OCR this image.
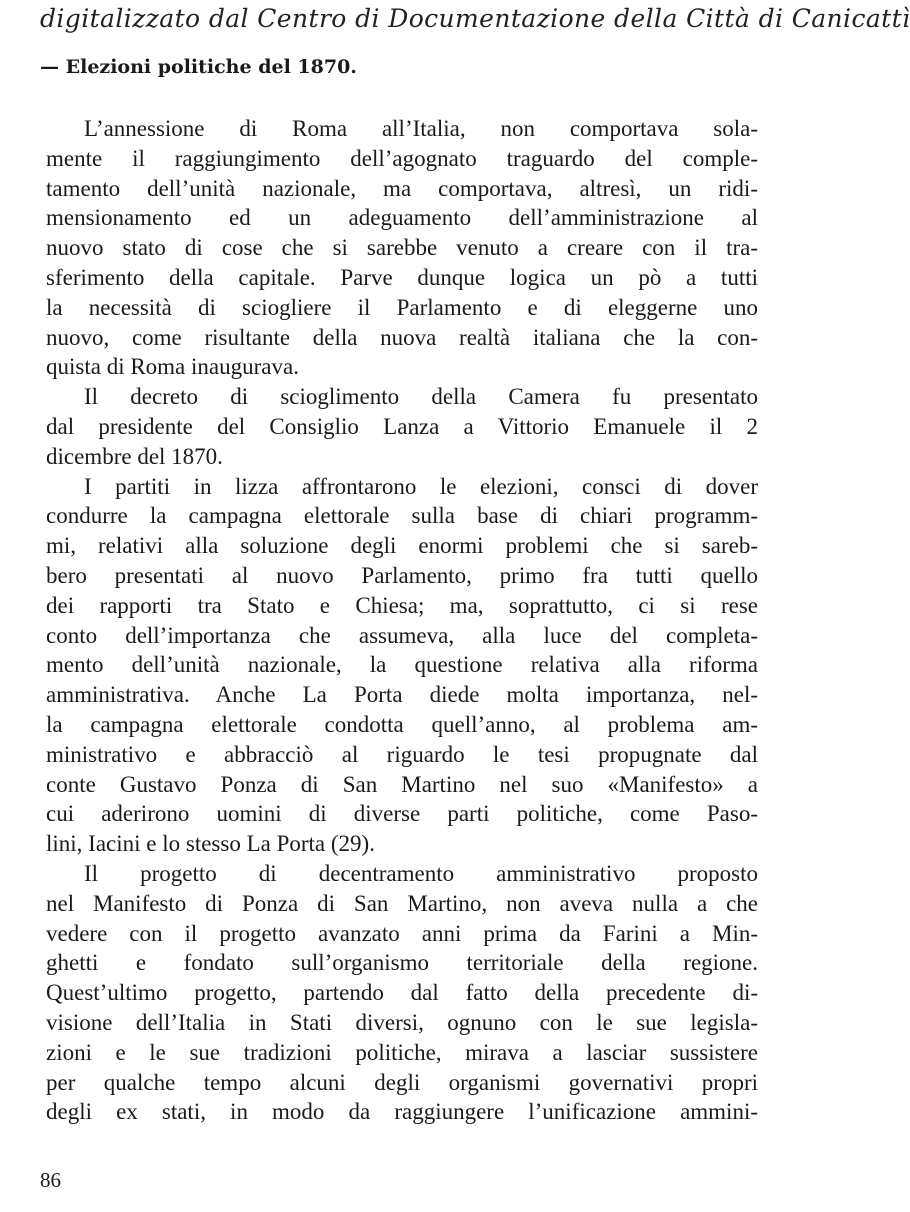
digitalizzato dal Centro di Documentazione della Città di Canicattì
— Elezioni politiche del 1870.

L’annessione di Roma all’Italia, non comportava sola-
mente il raggiungimento dell’agognato traguardo del comple-
tamento dell’unità nazionale, ma comportava, altresì, un ridi-
mensionamento ed un adeguamento dell’amministrazione al
nuovo stato di cose che si sarebbe venuto a creare con il tra-
sferimento della capitale. Parve dunque logica un pò a tutti
la necessità di sciogliere il Parlamento e di eleggerne uno
nuovo, come risultante della nuova realtà italiana che la con-
quista di Roma inaugurava.

Il decreto di scioglimento della Camera fu presentato
dal presidente del Consiglio Lanza a Vittorio Emanuele il 2
dicembre del 1870.

I partiti in lizza affrontarono le elezioni, consci di dover
condurre la campagna elettorale sulla base di chiari programm-
mi, relativi alla soluzione degli enormi problemi che si sareb-
bero presentati al nuovo Parlamento, primo fra tutti quello
dei rapporti tra Stato e Chiesa; ma, soprattutto, ci si rese
conto dell’importanza che assumeva, alla luce del completa-
mento dell’unità nazionale, la questione relativa alla riforma
amministrativa. Anche La Porta diede molta importanza, nel-
la campagna elettorale condotta quell’anno, al problema am-
ministrativo e abbracciò al riguardo le tesi propugnate dal
conte Gustavo Ponza di San Martino nel suo «Manifesto» a
cui aderirono uomini di diverse parti politiche, come Paso-
lini, Iacini e lo stesso La Porta (29).

Il progetto di decentramento amministrativo proposto
nel Manifesto di Ponza di San Martino, non aveva nulla a che
vedere con il progetto avanzato anni prima da Farini a Min-
ghetti e fondato sull’organismo territoriale della regione.
Quest’ultimo progetto, partendo dal fatto della precedente di-
visione dell’Italia in Stati diversi, ognuno con le sue legisla-
zioni e le sue tradizioni politiche, mirava a lasciar sussistere
per qualche tempo alcuni degli organismi governativi propri
degli ex stati, in modo da raggiungere l’unificazione ammini-

86
